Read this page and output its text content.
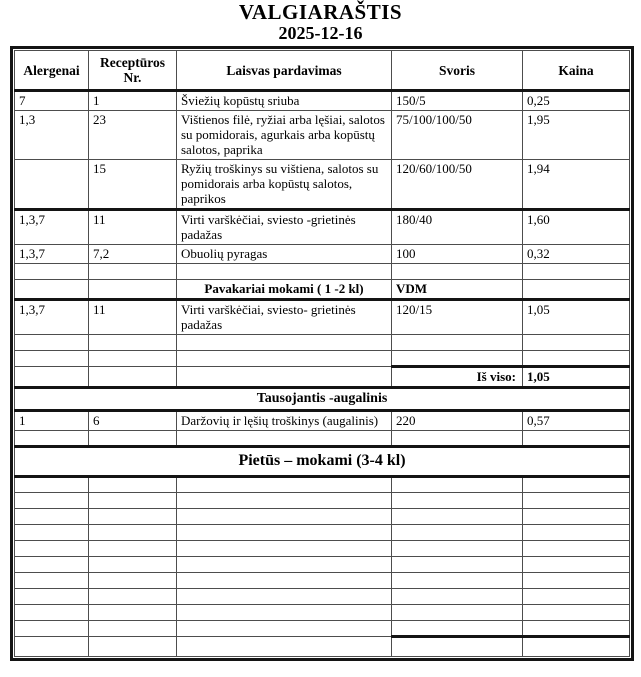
VALGIARAŠTIS
2025-12-16
Alergenai	Receptūros Nr.	Laisvas pardavimas	Svoris	Kaina
7	1	Šviežių kopūstų sriuba	150/5	0,25
1,3	23	Vištienos filė, ryžiai arba lęšiai, salotos su pomidorais, agurkais arba kopūstų salotos, paprika	75/100/100/50	1,95
	15	Ryžių troškinys su vištiena, salotos su pomidorais arba kopūstų salotos, paprikos	120/60/100/50	1,94
1,3,7	11	Virti varškėčiai, sviesto -grietinės padažas	180/40	1,60
1,3,7	7,2	Obuolių pyragas	100	0,32

		Pavakariai mokami ( 1 -2 kl)	VDM	
1,3,7	11	Virti varškėčiai, sviesto- grietinės padažas	120/15	1,05

			Iš viso:	1,05
Tausojantis -augalinis				
1	6	Daržovių ir lęšių troškinys (augalinis)	220	0,57

Pietūs – mokami (3-4 kl)				
